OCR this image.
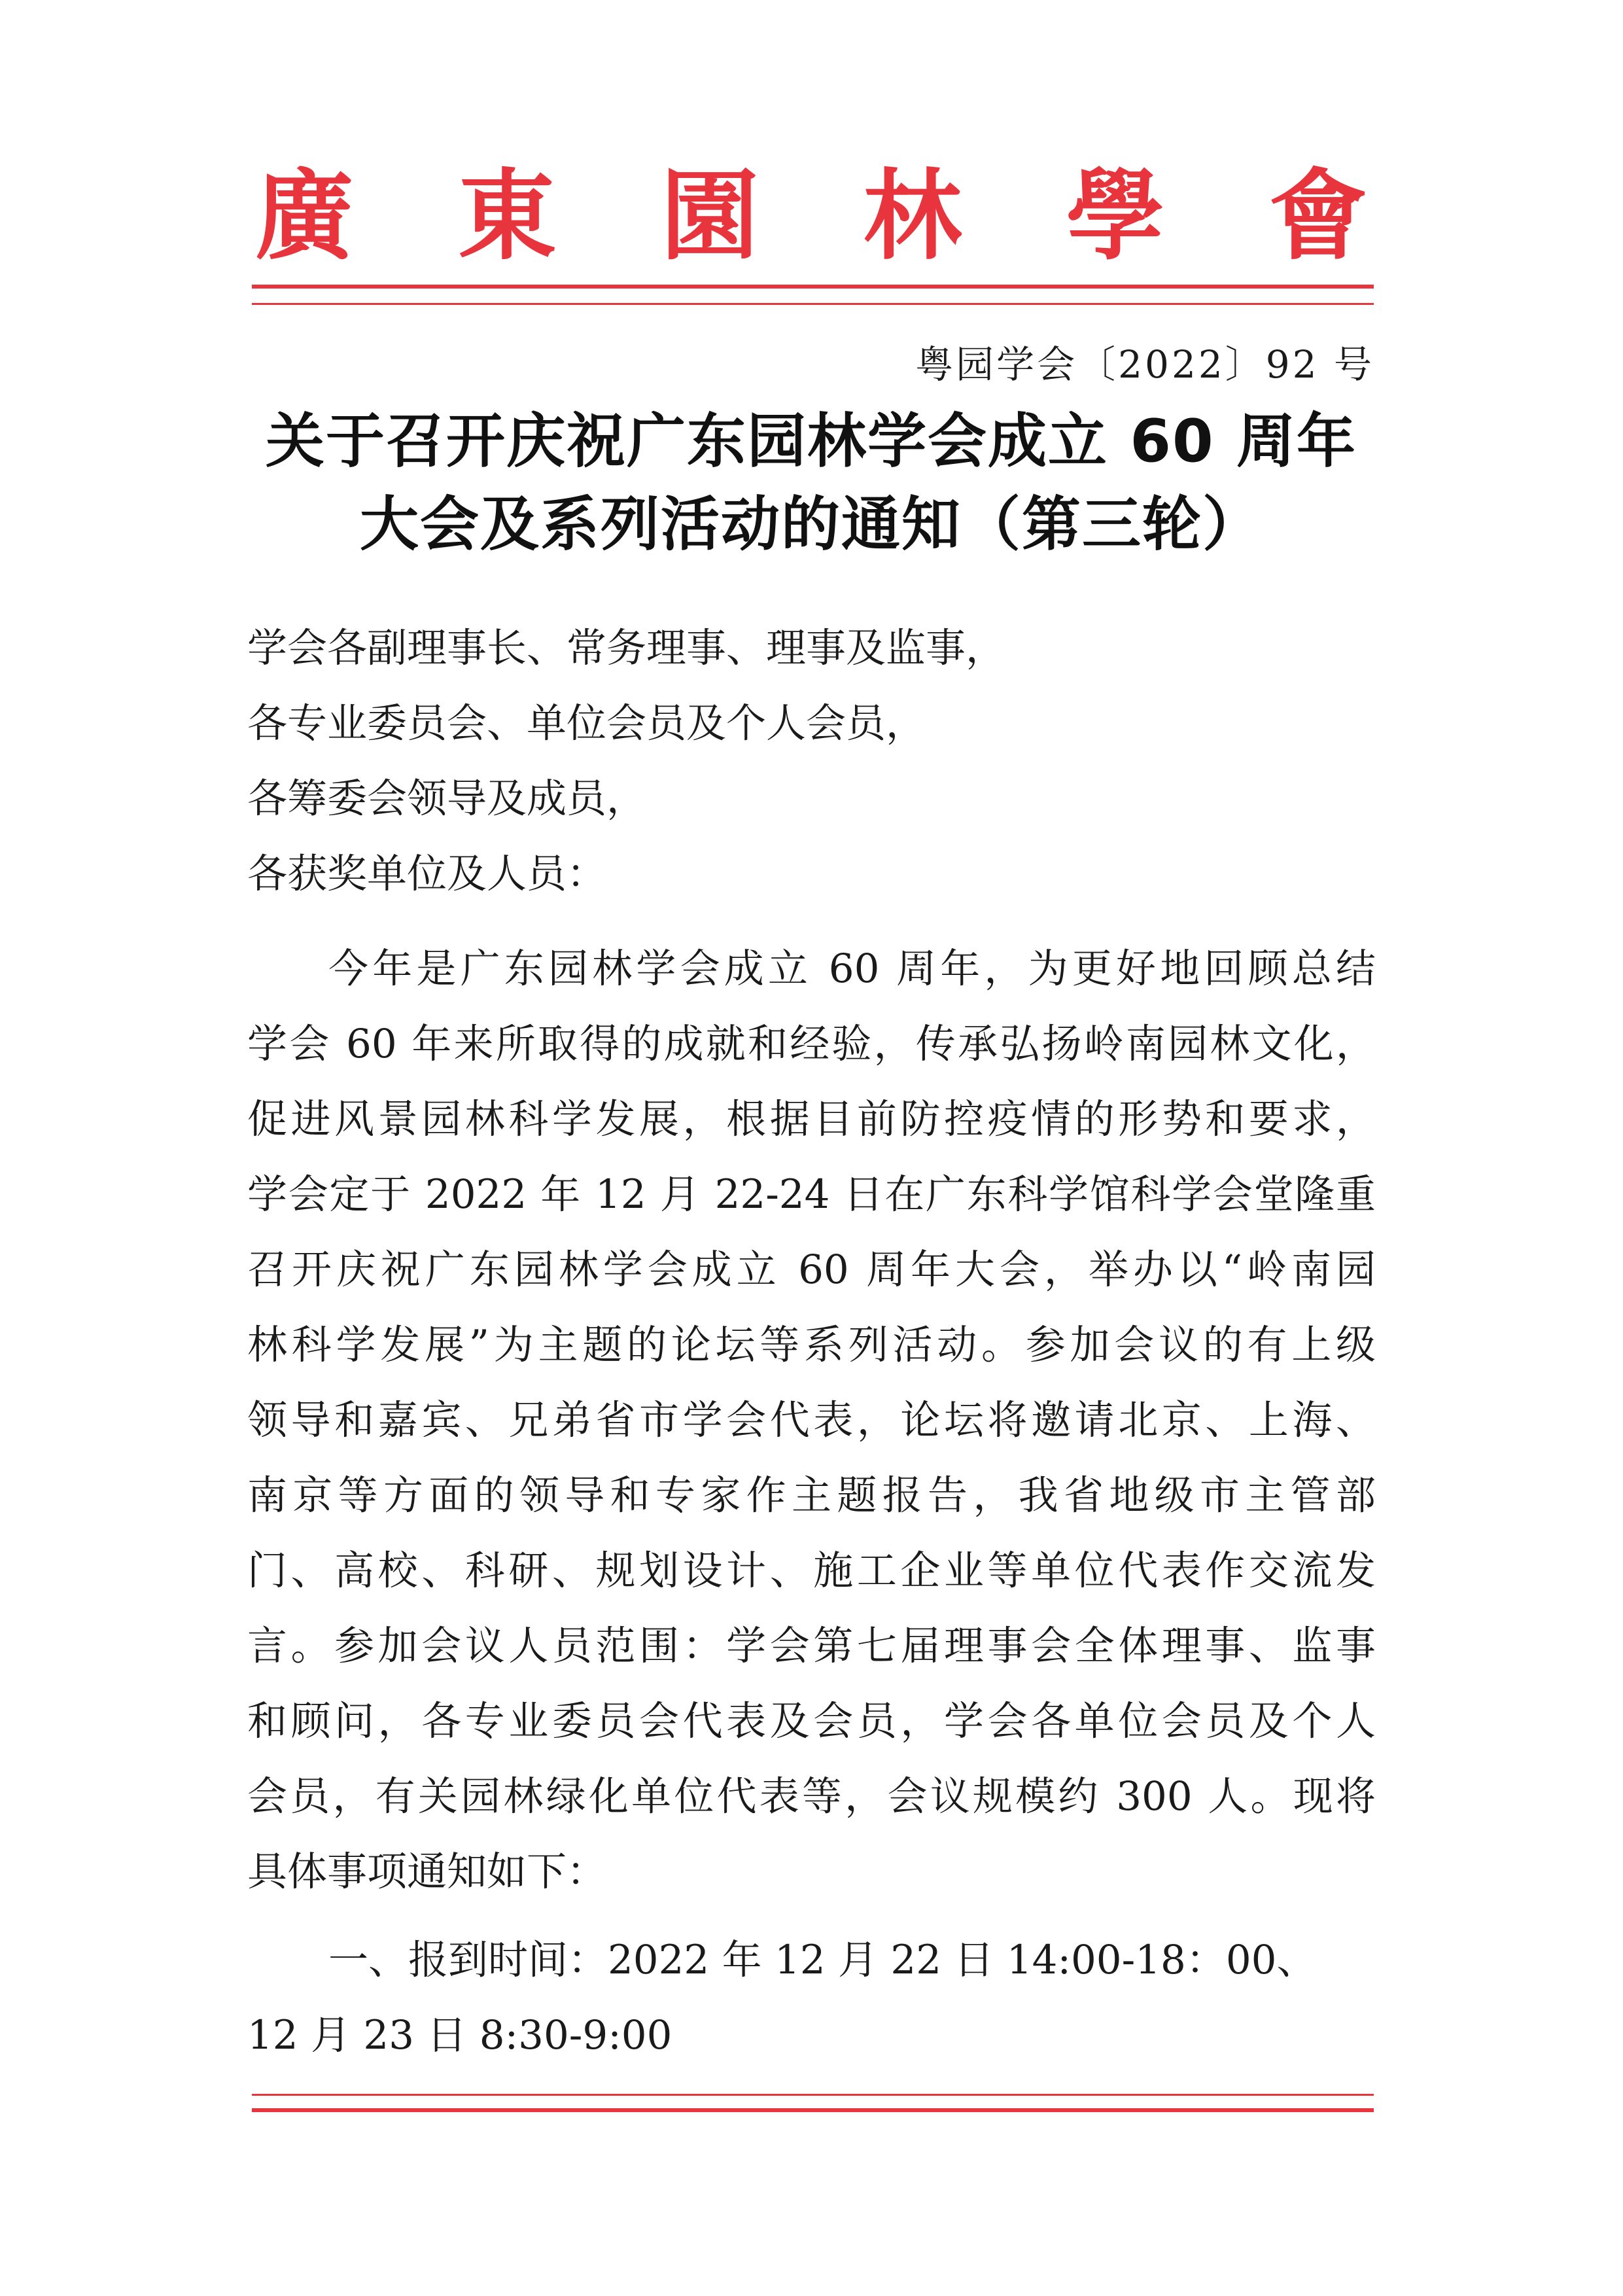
廣 東 園 林 學 會
粤园学会〔2022〕92 号
关于召开庆祝广东园林学会成立 60 周年
大会及系列活动的通知（第三轮）
学会各副理事长、常务理事、理事及监事，
各专业委员会、单位会员及个人会员，
各筹委会领导及成员，
各获奖单位及人员：
今年是广东园林学会成立 60 周年，为更好地回顾总结
学会 60 年来所取得的成就和经验，传承弘扬岭南园林文化，
促进风景园林科学发展，根据目前防控疫情的形势和要求，
学会定于 2022 年 12 月 22-24 日在广东科学馆科学会堂隆重
召开庆祝广东园林学会成立 60 周年大会，举办以“岭南园
林科学发展”为主题的论坛等系列活动。参加会议的有上级
领导和嘉宾、兄弟省市学会代表，论坛将邀请北京、上海、
南京等方面的领导和专家作主题报告，我省地级市主管部
门、高校、科研、规划设计、施工企业等单位代表作交流发
言。参加会议人员范围：学会第七届理事会全体理事、监事
和顾问，各专业委员会代表及会员，学会各单位会员及个人
会员，有关园林绿化单位代表等，会议规模约 300 人。现将
具体事项通知如下：
一、报到时间：2022 年 12 月 22 日 14:00-18：00、
12 月 23 日 8:30-9:00
